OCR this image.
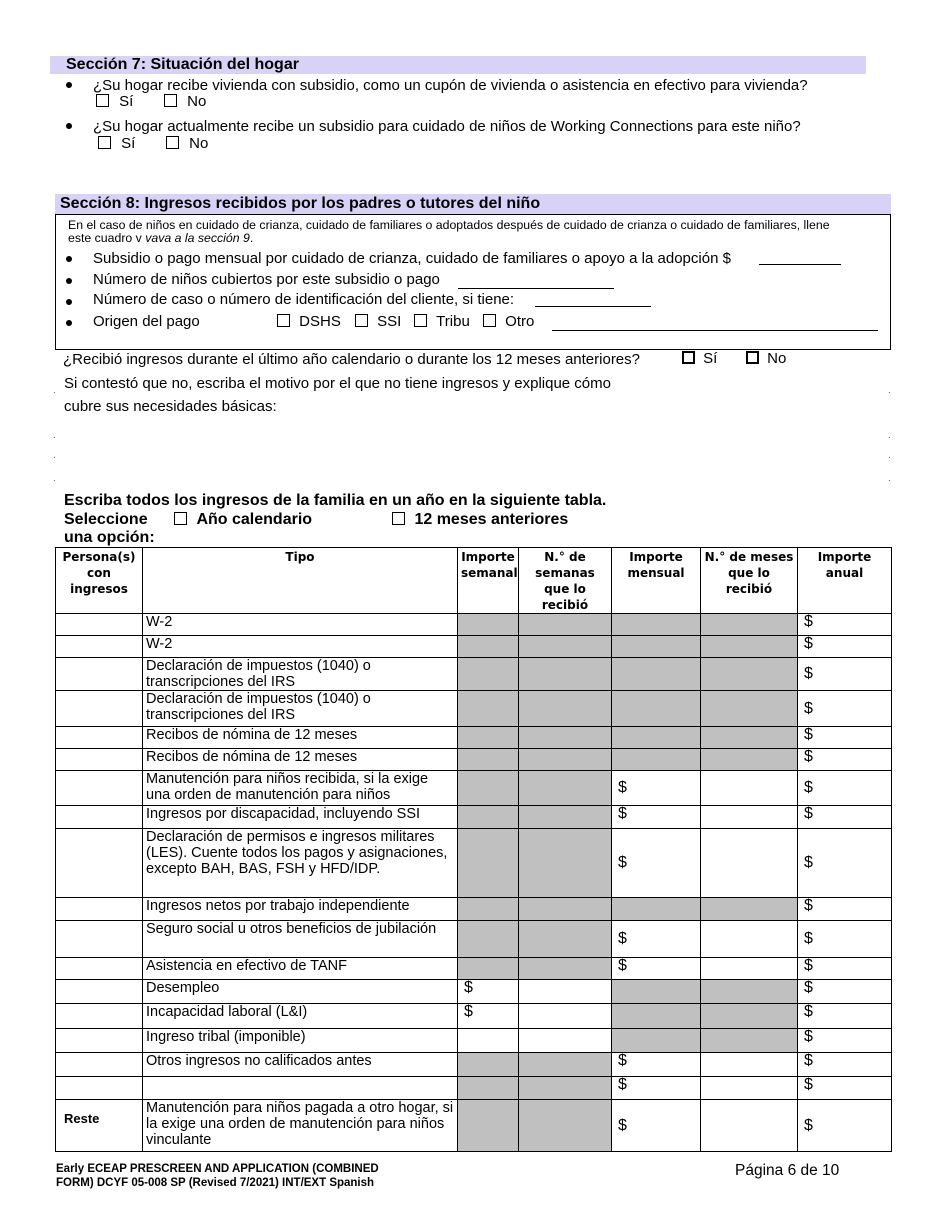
Sección 7: Situación del hogar
¿Su hogar recibe vivienda con subsidio, como un cupón de vivienda o asistencia en efectivo para vivienda?
Sí	No
¿Su hogar actualmente recibe un subsidio para cuidado de niños de Working Connections para este niño?
Sí	No
Sección 8: Ingresos recibidos por los padres o tutores del niño
En el caso de niños en cuidado de crianza, cuidado de familiares o adoptados después de cuidado de crianza o cuidado de familiares, llene
este cuadro v vava a la sección 9.
Subsidio o pago mensual por cuidado de crianza, cuidado de familiares o apoyo a la adopción $
Número de niños cubiertos por este subsidio o pago
Número de caso o número de identificación del cliente, si tiene:
Origen del pago	DSHS	SSI	Tribu	Otro
¿Recibió ingresos durante el último año calendario o durante los 12 meses anteriores?	Sí	No
Si contestó que no, escriba el motivo por el que no tiene ingresos y explique cómo
cubre sus necesidades básicas:
.	.
.	.
.	.
.	.
Escriba todos los ingresos de la familia en un año en la siguiente tabla.
Seleccione
una opción:
Año calendario	12 meses anteriores
Persona(s) con ingresos	Tipo	Importe semanal	N.° de semanas que lo recibió	Importe mensual	N.° de meses que lo recibió	Importe anual
	W-2					$
	W-2					$
	Declaración de impuestos (1040) o transcripciones del IRS					$
	Declaración de impuestos (1040) o transcripciones del IRS					$
	Recibos de nómina de 12 meses					$
	Recibos de nómina de 12 meses					$
	Manutención para niños recibida, si la exige una orden de manutención para niños			$		$
	Ingresos por discapacidad, incluyendo SSI			$		$
	Declaración de permisos e ingresos militares (LES). Cuente todos los pagos y asignaciones, excepto BAH, BAS, FSH y HFD/IDP.			$		$
	Ingresos netos por trabajo independiente					$
	Seguro social u otros beneficios de jubilación			$		$
	Asistencia en efectivo de TANF			$		$
	Desempleo	$				$
	Incapacidad laboral (L&I)	$				$
	Ingreso tribal (imponible)					$
	Otros ingresos no calificados antes			$		$
				$		$
Reste	Manutención para niños pagada a otro hogar, si la exige una orden de manutención para niños vinculante			$		$
Early ECEAP PRESCREEN AND APPLICATION (COMBINED
FORM) DCYF 05-008 SP (Revised 7/2021) INT/EXT Spanish
Página 6 de 10
